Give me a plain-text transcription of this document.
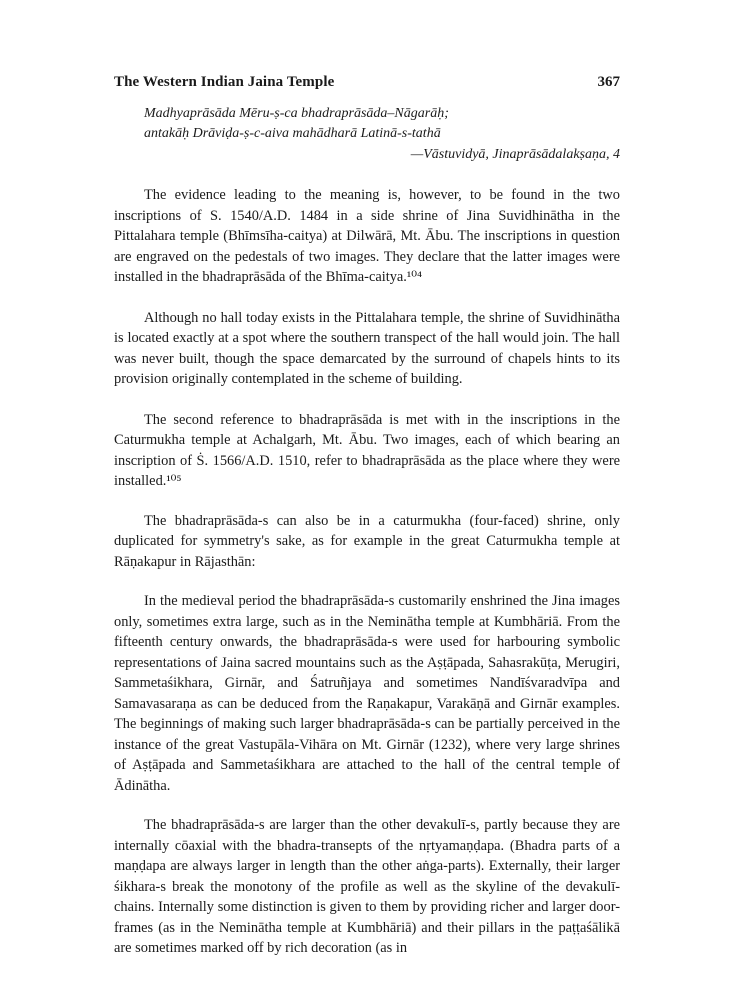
The Western Indian Jaina Temple	367
Madhyaprāsāda Mēru-ṣ-ca bhadraprāsāda–Nāgarāḥ;
antakāḥ Drāviḍa-ṣ-c-aiva mahādharā Latinā-s-tathā
—Vāstuvidyā, Jinaprāsādalakṣaṇa, 4

The evidence leading to the meaning is, however, to be found in the two inscriptions of S. 1540/A.D. 1484 in a side shrine of Jina Suvidhinātha in the Pittalahara temple (Bhīmsīha-caitya) at Dilwārā, Mt. Ābu. The inscriptions in question are engraved on the pedestals of two images. They declare that the latter images were installed in the bhadraprāsāda of the Bhīma-caitya.¹⁰⁴

Although no hall today exists in the Pittalahara temple, the shrine of Suvidhinātha is located exactly at a spot where the southern transpect of the hall would join. The hall was never built, though the space demarcated by the surround of chapels hints to its provision originally contemplated in the scheme of building.

The second reference to bhadraprāsāda is met with in the inscriptions in the Caturmukha temple at Achalgarh, Mt. Ābu. Two images, each of which bearing an inscription of Ṡ. 1566/A.D. 1510, refer to bhadraprāsāda as the place where they were installed.¹⁰⁵

The bhadraprāsāda-s can also be in a caturmukha (four-faced) shrine, only duplicated for symmetry's sake, as for example in the great Caturmukha temple at Rāṇakapur in Rājasthān:

In the medieval period the bhadraprāsāda-s customarily enshrined the Jina images only, sometimes extra large, such as in the Neminātha temple at Kumbhāriā. From the fifteenth century onwards, the bhadraprāsāda-s were used for harbouring symbolic representations of Jaina sacred mountains such as the Aṣṭāpada, Sahasrakūṭa, Merugiri, Sammetaśikhara, Girnār, and Śatruñjaya and sometimes Nandīśvaradvīpa and Samavasaraṇa as can be deduced from the Raṇakapur, Varakāṇā and Girnār examples. The beginnings of making such larger bhadraprāsāda-s can be partially perceived in the instance of the great Vastupāla-Vihāra on Mt. Girnār (1232), where very large shrines of Aṣṭāpada and Sammetaśikhara are attached to the hall of the central temple of Ādinātha.

The bhadraprāsāda-s are larger than the other devakulī-s, partly because they are internally cōaxial with the bhadra-transepts of the nṛtyamaṇḍapa. (Bhadra parts of a maṇḍapa are always larger in length than the other aṅga-parts). Externally, their larger śikhara-s break the monotony of the profile as well as the skyline of the devakulī-chains. Internally some distinction is given to them by providing richer and larger door-frames (as in the Neminātha temple at Kumbhāriā) and their pillars in the paṭṭaśālikā are sometimes marked off by rich decoration (as in
